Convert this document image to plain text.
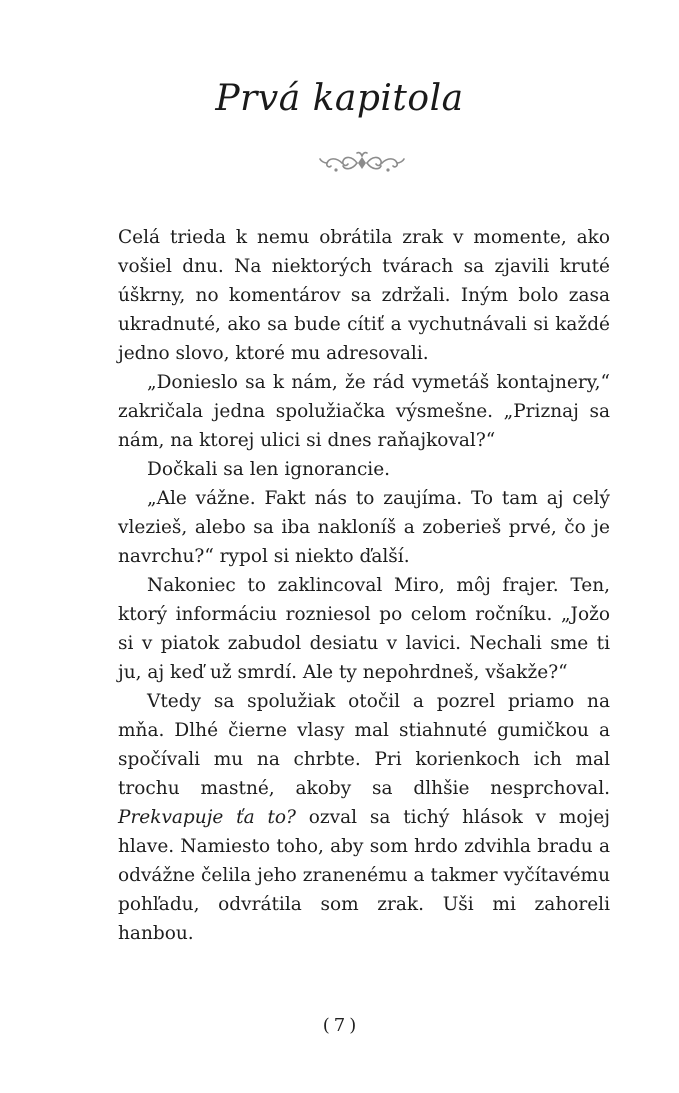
Prvá kapitola

Celá trieda k nemu obrátila zrak v momente, ako vošiel dnu. Na niektorých tvárach sa zjavili kruté úškrny, no komentárov sa zdržali. Iným bolo zasa ukradnuté, ako sa bude cítiť a vychutnávali si každé jedno slovo, ktoré mu adresovali.

„Donieslo sa k nám, že rád vymetáš kontajnery,“ zakričala jedna spolužiačka výsmešne. „Priznaj sa nám, na ktorej ulici si dnes raňajkoval?“

Dočkali sa len ignorancie.

„Ale vážne. Fakt nás to zaujíma. To tam aj celý vlezieš, alebo sa iba nakloníš a zoberieš prvé, čo je navrchu?“ rypol si niekto ďalší.

Nakoniec to zaklincoval Miro, môj frajer. Ten, ktorý informáciu rozniesol po celom ročníku. „Jožo si v piatok zabudol desiatu v lavici. Nechali sme ti ju, aj keď už smrdí. Ale ty nepohrdneš, všakže?“

Vtedy sa spolužiak otočil a pozrel priamo na mňa. Dlhé čierne vlasy mal stiahnuté gumičkou a spočívali mu na chrbte. Pri korienkoch ich mal trochu mastné, akoby sa dlhšie nesprchoval. Prekvapuje ťa to? ozval sa tichý hlások v mojej hlave. Namiesto toho, aby som hrdo zdvihla bradu a odvážne čelila jeho zranenému a takmer vyčítavému pohľadu, odvrátila som zrak. Uši mi zahoreli hanbou.

( 7 )
